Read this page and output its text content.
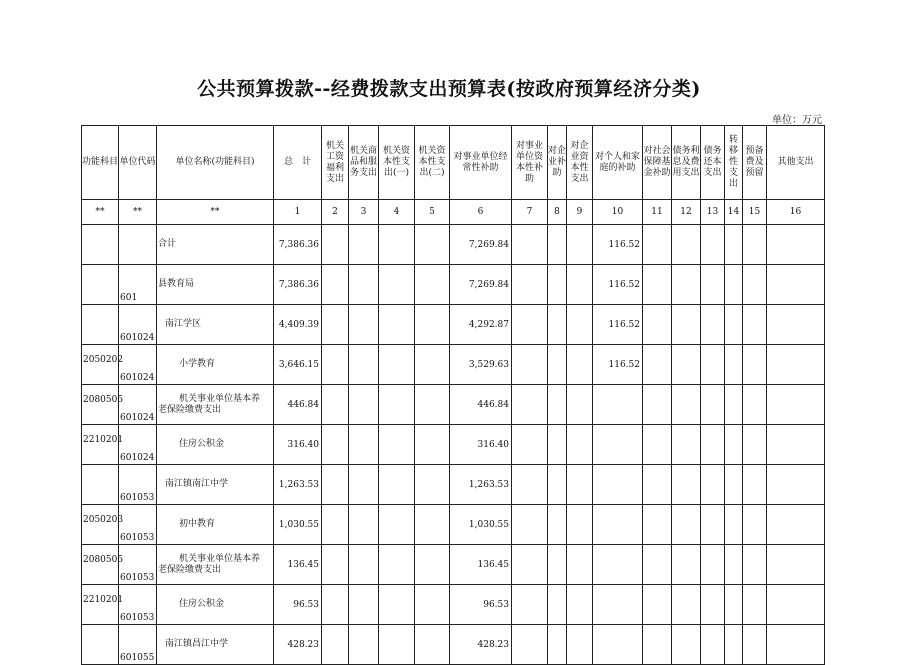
公共预算拨款--经费拨款支出预算表(按政府预算经济分类)
单位：万元
功能科目	单位代码	单位名称(功能科目)	总　计	机关工资福利支出	机关商品和服务支出	机关资本性支出(一)	机关资本性支出(二)	对事业单位经常性补助	对事业单位资本性补助	对企业补助	对企业资本性支出	对个人和家庭的补助	对社会保障基金补助	债务利息及费用支出	债务还本支出	转移性支出	预备费及预留	其他支出
**	**	**	1	2	3	4	5	6	7	8	9	10	11	12	13	14	15	16
		合计	7,386.36					7,269.84				116.52						
	601	县教育局	7,386.36					7,269.84				116.52						
	601024	南江学区	4,409.39					4,292.87				116.52						
2050202	601024	小学教育	3,646.15					3,529.63				116.52						
2080505	601024	机关事业单位基本养
老保险缴费支出	446.84					446.84										
2210201	601024	住房公积金	316.40					316.40										
	601053	南江镇南江中学	1,263.53					1,263.53										
2050203	601053	初中教育	1,030.55					1,030.55										
2080505	601053	机关事业单位基本养
老保险缴费支出	136.45					136.45										
2210201	601053	住房公积金	96.53					96.53										
	601055	南江镇昌江中学	428.23					428.23										
